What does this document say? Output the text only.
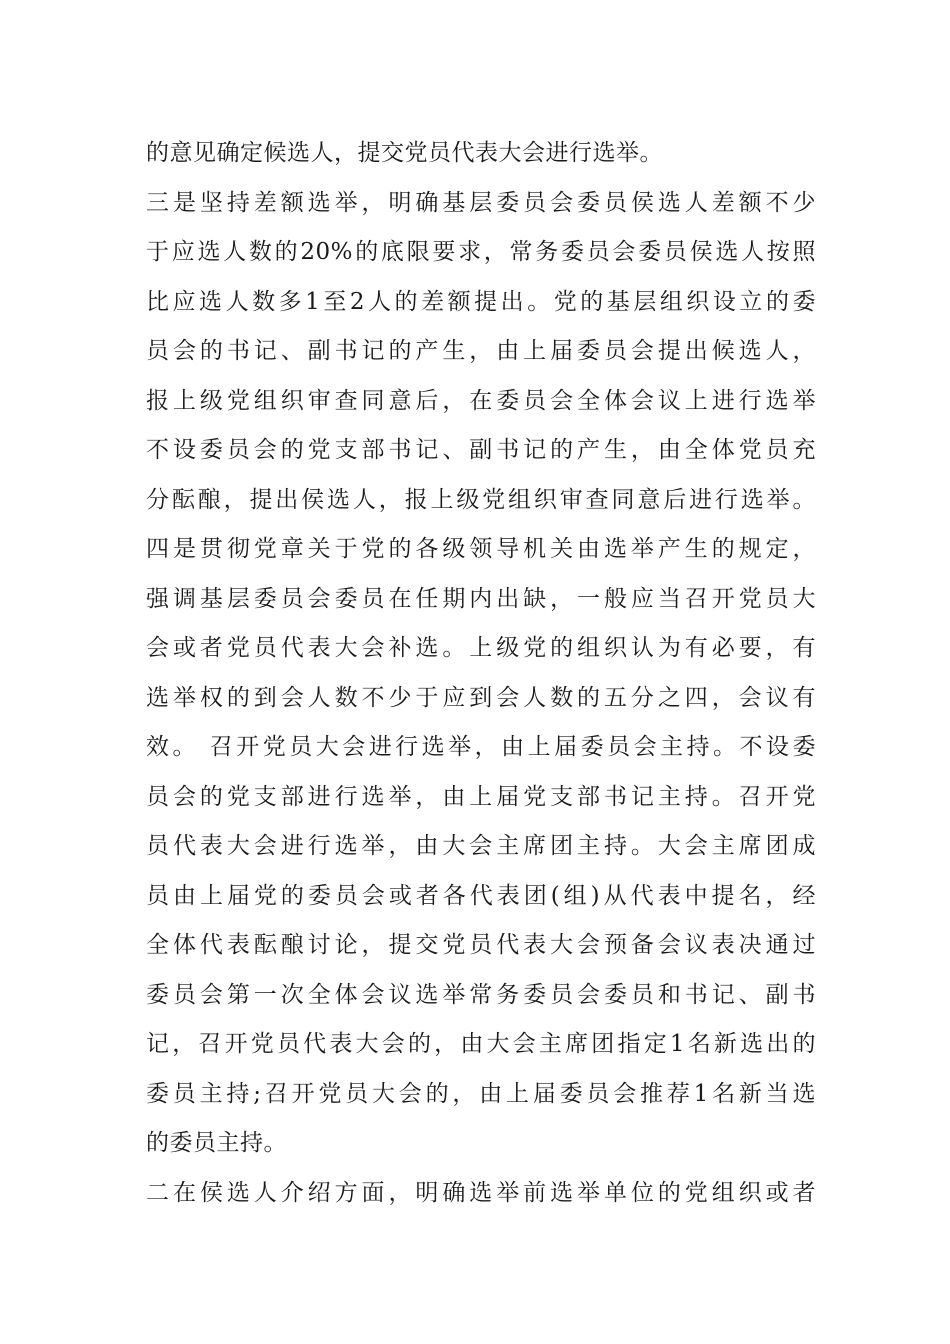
的意见确定候选人，提交党员代表大会进行选举。
三是坚持差额选举，明确基层委员会委员侯选人差额不少
于应选人数的20%的底限要求，常务委员会委员侯选人按照
比应选人数多1至2人的差额提出。党的基层组织设立的委
员会的书记、副书记的产生，由上届委员会提出候选人，
报上级党组织审查同意后，在委员会全体会议上进行选举
不设委员会的党支部书记、副书记的产生，由全体党员充
分酝酿，提出侯选人，报上级党组织审查同意后进行选举。
四是贯彻党章关于党的各级领导机关由选举产生的规定，
强调基层委员会委员在任期内出缺，一般应当召开党员大
会或者党员代表大会补选。上级党的组织认为有必要，有
选举权的到会人数不少于应到会人数的五分之四，会议有
效。 召开党员大会进行选举，由上届委员会主持。不设委
员会的党支部进行选举，由上届党支部书记主持。召开党
员代表大会进行选举，由大会主席团主持。大会主席团成
员由上届党的委员会或者各代表团(组)从代表中提名，经
全体代表酝酿讨论，提交党员代表大会预备会议表决通过
委员会第一次全体会议选举常务委员会委员和书记、副书
记，召开党员代表大会的，由大会主席团指定1名新选出的
委员主持;召开党员大会的，由上届委员会推荐1名新当选
的委员主持。
二在侯选人介绍方面，明确选举前选举单位的党组织或者
